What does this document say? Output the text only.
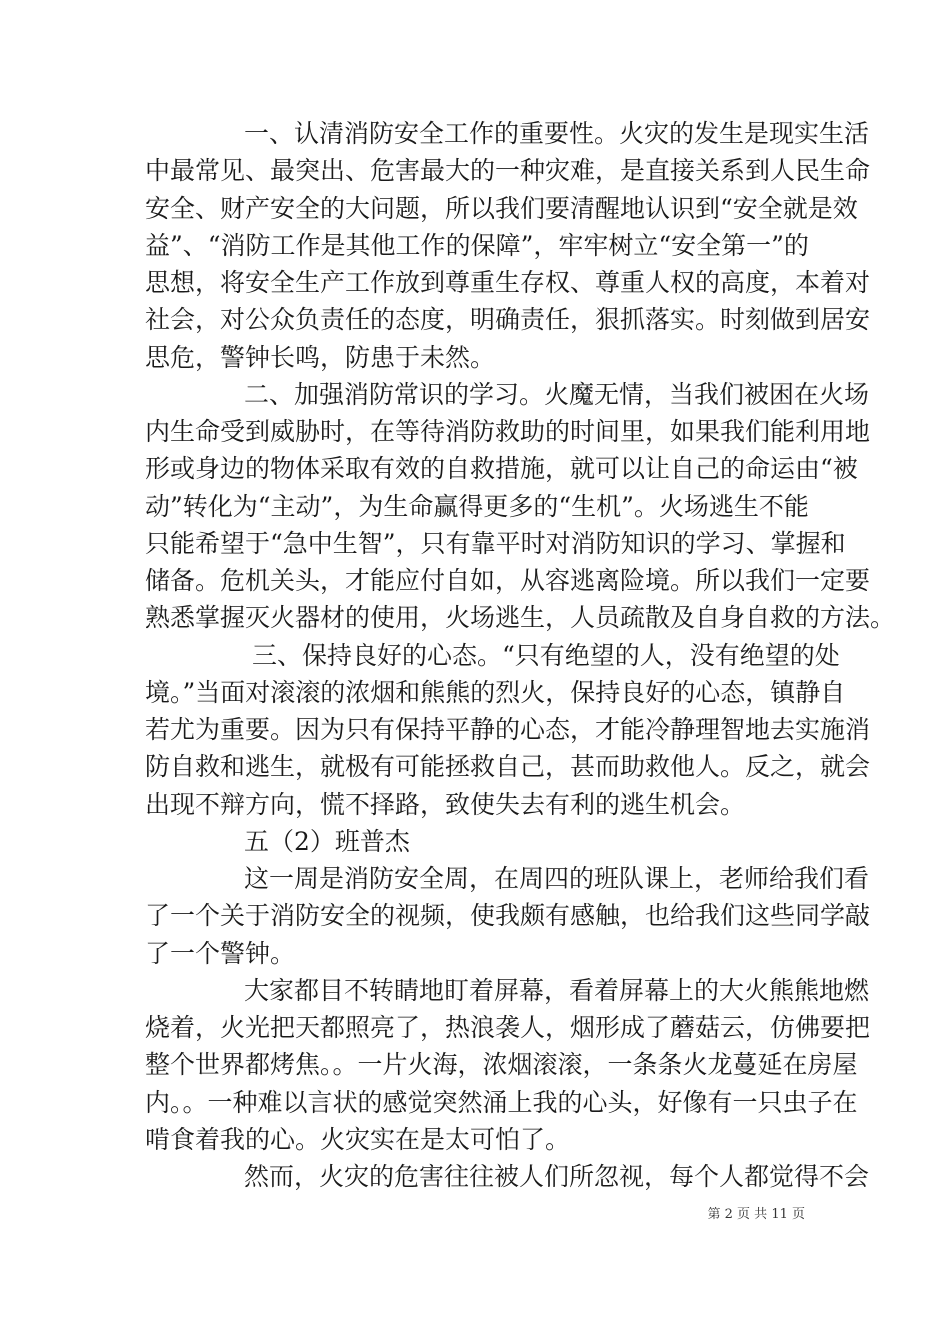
一、认清消防安全工作的重要性。火灾的发生是现实生活
中最常见、最突出、危害最大的一种灾难，是直接关系到人民生命
安全、财产安全的大问题，所以我们要清醒地认识到“安全就是效
益”、“消防工作是其他工作的保障”，牢牢树立“安全第一”的
思想，将安全生产工作放到尊重生存权、尊重人权的高度，本着对
社会，对公众负责任的态度，明确责任，狠抓落实。时刻做到居安
思危，警钟长鸣，防患于未然。
二、加强消防常识的学习。火魔无情，当我们被困在火场
内生命受到威胁时，在等待消防救助的时间里，如果我们能利用地
形或身边的物体采取有效的自救措施，就可以让自己的命运由“被
动”转化为“主动”，为生命赢得更多的“生机”。火场逃生不能
只能希望于“急中生智”，只有靠平时对消防知识的学习、掌握和
储备。危机关头，才能应付自如，从容逃离险境。所以我们一定要
熟悉掌握灭火器材的使用，火场逃生，人员疏散及自身自救的方法。
三、保持良好的心态。“只有绝望的人，没有绝望的处
境。”当面对滚滚的浓烟和熊熊的烈火，保持良好的心态，镇静自
若尤为重要。因为只有保持平静的心态，才能冷静理智地去实施消
防自救和逃生，就极有可能拯救自己，甚而助救他人。反之，就会
出现不辩方向，慌不择路，致使失去有利的逃生机会。
五（2）班普杰
这一周是消防安全周，在周四的班队课上，老师给我们看
了一个关于消防安全的视频，使我颇有感触，也给我们这些同学敲
了一个警钟。
大家都目不转睛地盯着屏幕，看着屏幕上的大火熊熊地燃
烧着，火光把天都照亮了，热浪袭人，烟形成了蘑菇云，仿佛要把
整个世界都烤焦。。一片火海，浓烟滚滚，一条条火龙蔓延在房屋
内。。一种难以言状的感觉突然涌上我的心头，好像有一只虫子在
啃食着我的心。火灾实在是太可怕了。
然而，火灾的危害往往被人们所忽视，每个人都觉得不会
第 2 页 共 11 页
